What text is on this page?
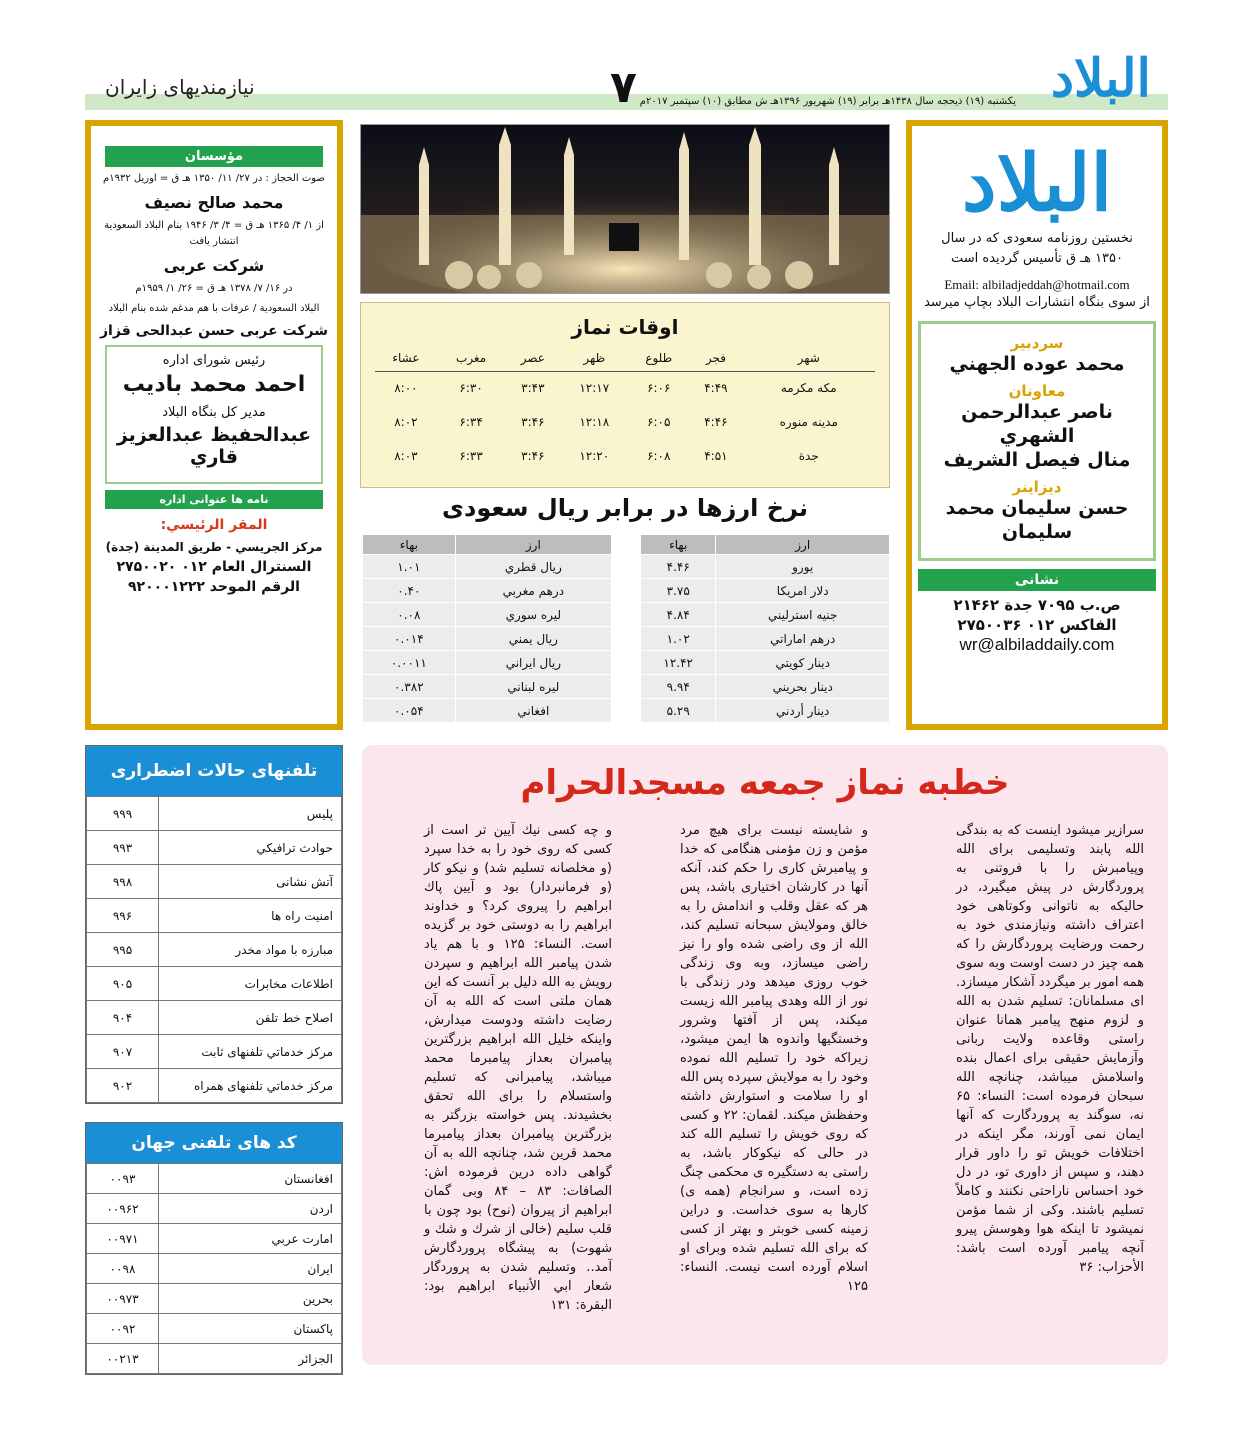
البلاد
یکشنبه (۱۹) ذیحجه سال ۱۴۳۸هـ برابر (۱۹) شهریور ۱۳۹۶هـ ش مطابق (۱۰) سپتمبر ۲۰۱۷م
۷
نیازمندیهای زایران
البلاد
نخستین روزنامه سعودی که در سال
۱۳۵۰ هـ ق تأسیس گردیده است
Email: albiladjeddah@hotmail.com
از سوی بنگاه انتشارات البلاد بچاپ میرسد
سردبیر
محمد عوده الجهني
معاونان
ناصر عبدالرحمن الشهري
منال فيصل الشريف
ديزاينر
حسن سليمان محمد سليمان
نشانی
ص.ب ۷۰۹۵ جدة ۲۱۴۶۲
الفاكس ۰۱۲ ۲۷۵۰۰۳۶
wr@albiladdaily.com
اوقات نماز
شهر	فجر	طلوع	ظهر	عصر	مغرب	عشاء
مكه مكرمه	۴:۴۹	۶:۰۶	۱۲:۱۷	۳:۴۳	۶:۳۰	۸:۰۰
مدينه منوره	۴:۴۶	۶:۰۵	۱۲:۱۸	۳:۴۶	۶:۳۴	۸:۰۲
جدة	۴:۵۱	۶:۰۸	۱۲:۲۰	۳:۴۶	۶:۳۳	۸:۰۳
نرخ ارزها در برابر ريال سعودی
ارز	بهاء
يورو	۴.۴۶
دلار امريكا	۳.۷۵
جنيه استرليني	۴.۸۴
درهم اماراتي	۱.۰۲
دينار كويتي	۱۲.۴۲
دينار بحريني	۹.۹۴
دينار أردني	۵.۲۹
ارز	بهاء
ريال قطري	۱.۰۱
درهم مغربي	۰.۴۰
ليره سوري	۰.۰۸
ريال يمني	۰.۰۱۴
ريال ايراني	۰.۰۰۱۱
ليره لبناني	۰.۳۸۲
افغاني	۰.۰۵۴
مؤسسان
صوت الحجاز : در ۲۷/ ۱۱/ ۱۳۵۰ هـ ق = اوريل ۱۹۳۲م
محمد صالح نصيف
از ۱/ ۴/ ۱۳۶۵ هـ ق = ۴/ ۳/ ۱۹۴۶ بنام البلاد السعودية انتشار يافت
شركت عربى
در ۱۶/ ۷/ ۱۳۷۸ هـ ق = ۲۶/ ۱/ ۱۹۵۹م
البلاد السعودية / عرفات با هم مدغم شده بنام البلاد
شركت عربى حسن عبدالحى قزاز
رئيس شوراى اداره
احمد محمد باديب
مدير كل بنگاه البلاد
عبدالحفيظ عبدالعزيز قاري
نامه ها عنوانى اداره
المقر الرئيسي:
مركز الجريسي - طريق المدينة (جدة)
السنترال العام ۰۱۲ ۲۷۵۰۰۲۰
الرقم الموحد ۹۲۰۰۰۱۲۲۲
تلفنهای حالات اضطراری
پليس	۹۹۹
حوادث ترافيكي	۹۹۳
آتش نشانى	۹۹۸
امنيت راه ها	۹۹۶
مبارزه با مواد مخدر	۹۹۵
اطلاعات مخابرات	۹۰۵
اصلاح خط تلفن	۹۰۴
مركز خدماتي تلفنهای ثابت	۹۰۷
مركز خدماتي تلفنهای همراه	۹۰۲
كد های تلفنی جهان
افغانستان	۰۰۹۳
اردن	۰۰۹۶۲
امارت عربي	۰۰۹۷۱
ايران	۰۰۹۸
بحرين	۰۰۹۷۳
پاكستان	۰۰۹۲
الجزائر	۰۰۲۱۳
خطبه نماز جمعه مسجدالحرام
سرازير ميشود اينست كه به بندگى الله پابند وتسليمى براى الله وپيامبرش را با فروتنى به پروردگارش در پيش ميگيرد، در حاليكه به ناتوانى وكوتاهى خود اعتراف داشته ونيازمندى خود به رحمت ورضايت پروردگارش را كه همه چيز در دست اوست وبه سوى همه امور بر ميگردد آشكار ميسازد. اى مسلمانان: تسليم شدن به الله و لزوم منهج پيامبر همانا عنوان راستى وقاعده ولايت ربانى وآزمايش حقيقى براى اعمال بنده واسلامش ميباشد، چنانچه الله سبحان فرموده است: النساء: ۶۵ نه، سوگند به پروردگارت كه آنها ايمان نمى آورند، مگر اينكه در اختلافات خويش تو را داور قرار دهند، و سپس از داورى تو، در دل خود احساس ناراحتى نكنند و كاملاً تسليم باشند. وكى از شما مؤمن نميشود تا اينكه هوا وهوسش پيرو آنچه پيامبر آورده است باشد: الأحزاب: ۳۶
و شايسته نيست براى هيچ مرد مؤمن و زن مؤمنى هنگامى كه خدا و پيامبرش كارى را حكم كند، آنكه آنها در كارشان اختيارى باشد، پس هر كه عقل وقلب و اندامش را به خالق ومولايش سبحانه تسليم كند، الله از وى راضى شده واو را نيز راضى ميسازد، وبه وى زندگى خوب روزى ميدهد ودر زندگى با نور از الله وهدى پيامبر الله زيست ميكند، پس از آفتها وشرور وخستگيها واندوه ها ايمن ميشود، زيراكه خود را تسليم الله نموده وخود را به مولايش سپرده پس الله او را سلامت و استوارش داشته وحفظش ميكند. لقمان: ۲۲ و كسى كه روى خويش را تسليم الله كند در حالى كه نيكوكار باشد، به راستى به دستگيره ى محكمى چنگ زده است، و سرانجام (همه ى) كارها به سوى خداست. و دراين زمينه كسى خوبتر و بهتر از كسى كه براى الله تسليم شده وبراى او اسلام آورده است نيست. النساء: ۱۲۵
و چه كسى نيك آيين تر است از كسى كه روى خود را به خدا سپرد (و مخلصانه تسليم شد) و نيكو كار (و فرمانبردار) بود و آيين پاك ابراهيم را پيروى كرد؟ و خداوند ابراهيم را به دوستى خود بر گزيده است. النساء: ۱۲۵ و با هم ياد شدن پيامبر الله ابراهيم و سپردن رويش به الله دليل بر آنست كه اين همان ملتى است كه الله به آن رضايت داشته ودوست ميدارش، واينكه خليل الله ابراهيم بزرگترين پيامبران بعداز پيامبرما محمد ميباشد، پيامبرانى كه تسليم واستسلام را براى الله تحقق بخشيدند. پس خواسته بزرگتر به بزرگترين پيامبران بعداز پيامبرما محمد قرين شد، چنانچه الله به آن گواهى داده درين فرموده اش: الصافات: ۸۳ – ۸۴ وبى گمان ابراهيم از پيروان (نوح) بود چون با قلب سليم (خالى از شرك و شك و شهوت) به پيشگاه پروردگارش آمد.. وتسليم شدن به پروردگار شعار ابي الأنبياء ابراهيم بود: البقرة: ۱۳۱
